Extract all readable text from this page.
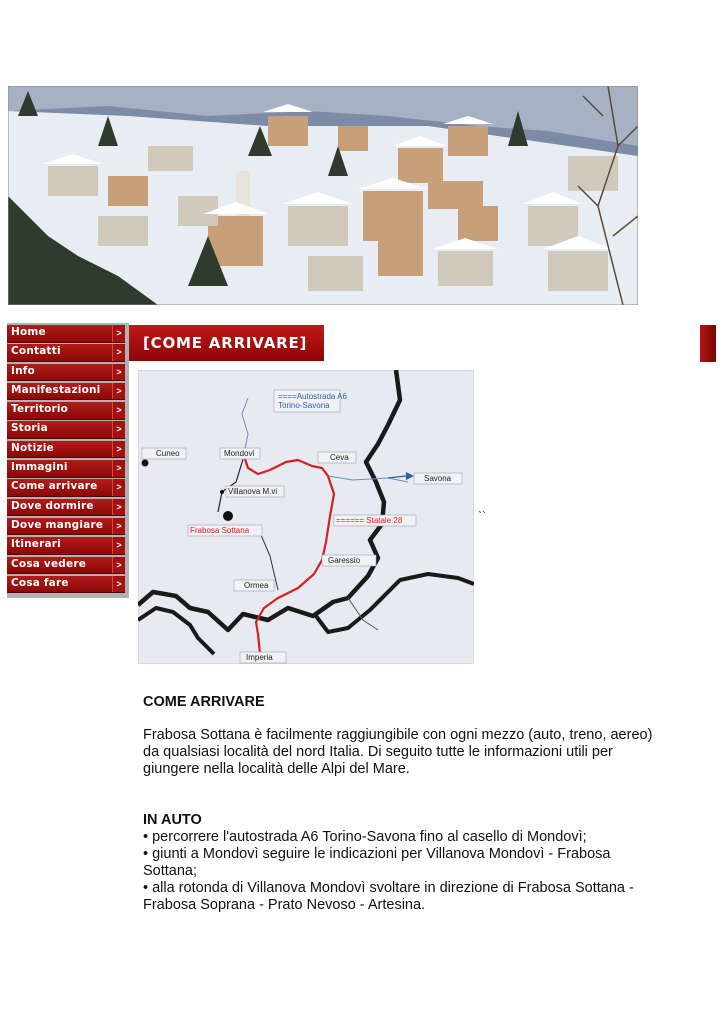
Home	>
Contatti	>
Info	>
Manifestazioni	>
Territorio	>
Storia	>
Notizie	>
Immagini	>
Come arrivare	>
Dove dormire	>
Dove mangiare	>
Itinerari	>
Cosa vedere	>
Cosa fare	>
[COME ARRIVARE]
====Autostrada A6
Torino-Savona
Cuneo	Mondovì	Ceva
Savona
Villanova M.vi
====== Statale 28
Frabosa Sottana
Garessio
Ormea
Imperia
``
COME ARRIVARE

Frabosa Sottana è facilmente raggiungibile con ogni mezzo (auto, treno, aereo) da qualsiasi località del nord Italia. Di seguito tutte le informazioni utili per giungere nella località delle Alpi del Mare.

IN AUTO
• percorrere l'autostrada A6 Torino-Savona fino al casello di Mondovì;
• giunti a Mondovì seguire le indicazioni per Villanova Mondovì - Frabosa Sottana;
• alla rotonda di Villanova Mondovì svoltare in direzione di Frabosa Sottana - Frabosa Soprana - Prato Nevoso - Artesina.
